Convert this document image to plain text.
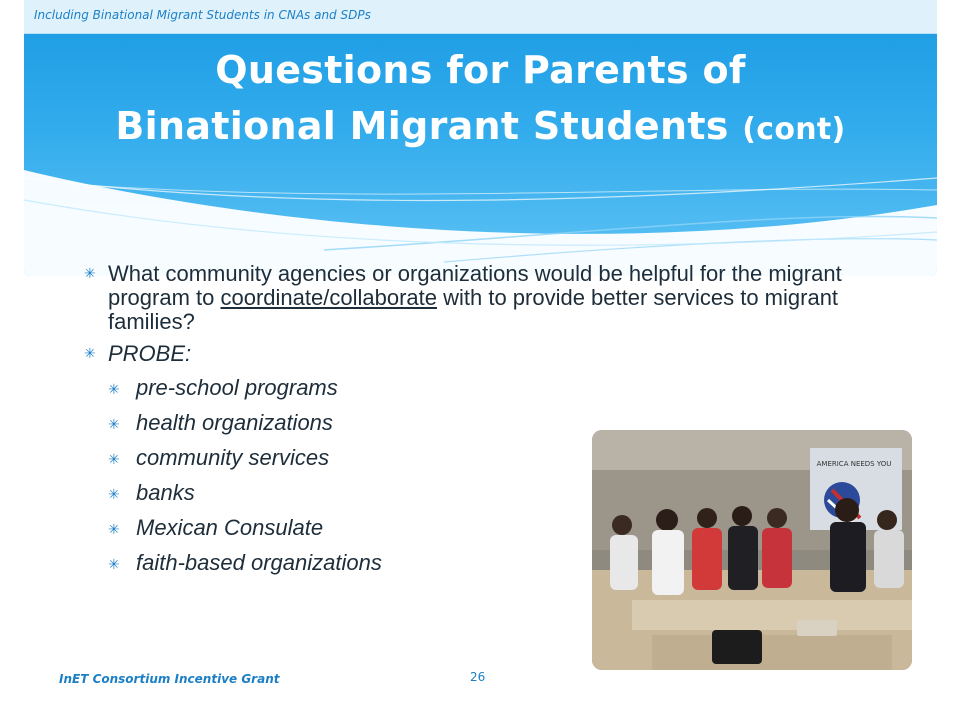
Including Binational Migrant Students in CNAs and SDPs
Questions for Parents of
Binational Migrant Students (cont)
✳ What community agencies or organizations would be helpful for the migrant program to coordinate/collaborate with to provide better services to migrant families?
✳ PROBE:
✳ pre-school programs
✳ health organizations
✳ community services
✳ banks
✳ Mexican Consulate
✳ faith-based organizations
AMERICA NEEDS YOU
InET Consortium Incentive Grant	26
